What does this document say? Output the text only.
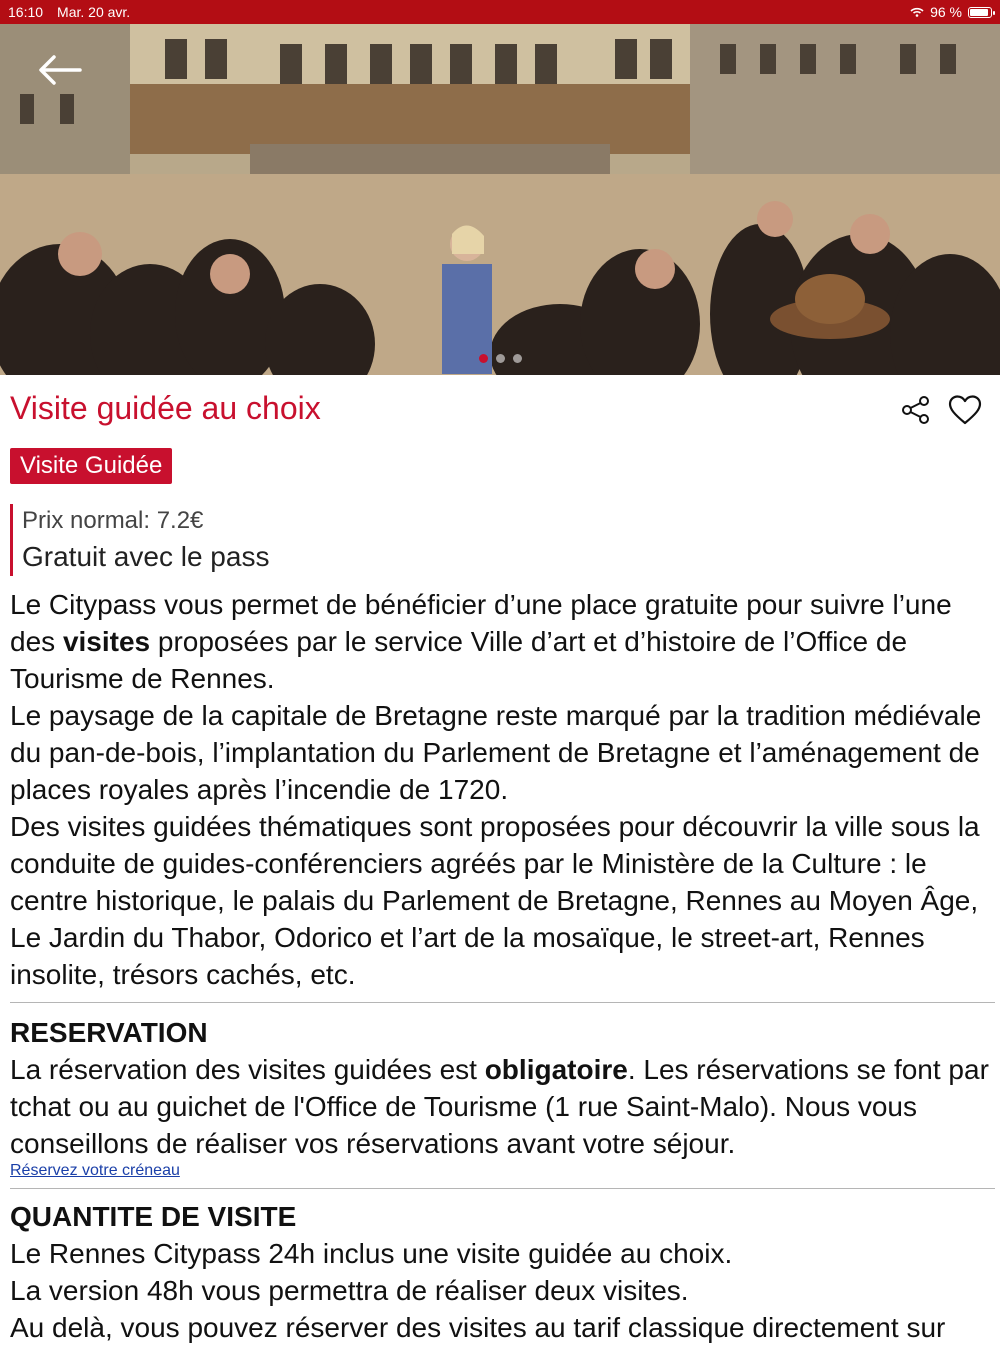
16:10 Mar. 20 avr.	96 %
Visite guidée au choix
Visite Guidée
Prix normal: 7.2€
Gratuit avec le pass

Le Citypass vous permet de bénéficier d’une place gratuite pour suivre l’une des visites proposées par le service Ville d’art et d’histoire de l’Office de Tourisme de Rennes.

Le paysage de la capitale de Bretagne reste marqué par la tradition médiévale du pan-de-bois, l’implantation du Parlement de Bretagne et l’aménagement de places royales après l’incendie de 1720.

Des visites guidées thématiques sont proposées pour découvrir la ville sous la conduite de guides-conférenciers agréés par le Ministère de la Culture : le centre historique, le palais du Parlement de Bretagne, Rennes au Moyen Âge, Le Jardin du Thabor, Odorico et l’art de la mosaïque, le street-art, Rennes insolite, trésors cachés, etc.

RESERVATION

La réservation des visites guidées est obligatoire. Les réservations se font par tchat ou au guichet de l'Office de Tourisme (1 rue Saint-Malo). Nous vous conseillons de réaliser vos réservations avant votre séjour.

Réservez votre créneau
QUANTITE DE VISITE

Le Rennes Citypass 24h inclus une visite guidée au choix.

La version 48h vous permettra de réaliser deux visites.

Au delà, vous pouvez réserver des visites au tarif classique directement sur
